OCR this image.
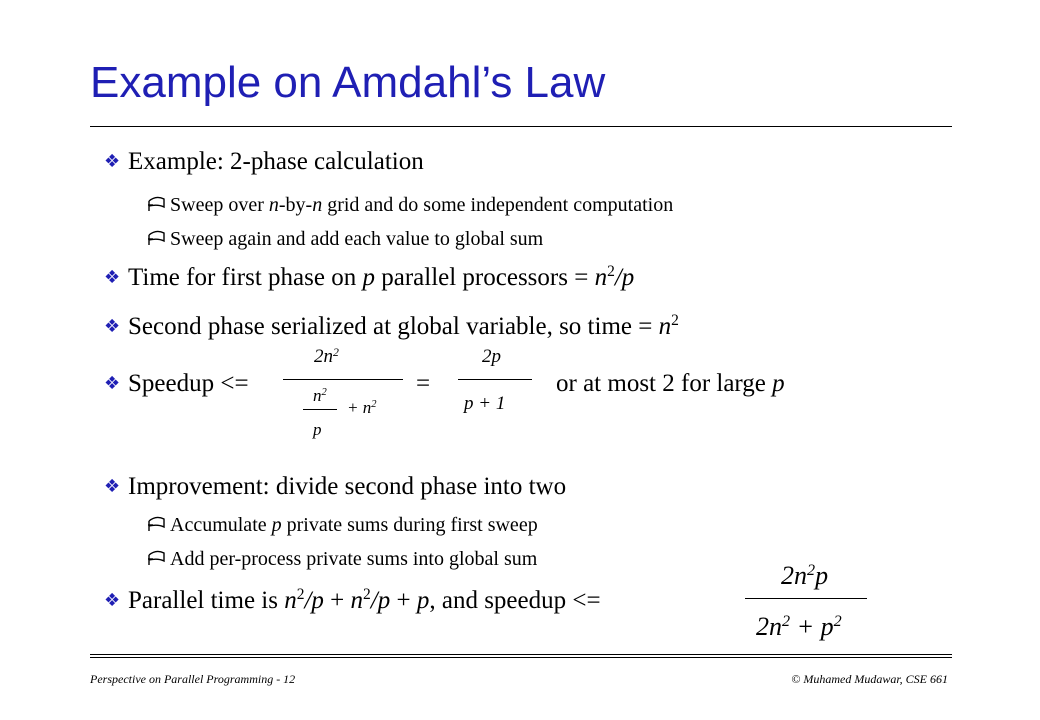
Example on Amdahl’s Law
❖ Example: 2-phase calculation
Sweep over n-by-n grid and do some independent computation
Sweep again and add each value to global sum
❖ Time for first phase on p parallel processors = $n^2/p$
❖ Second phase serialized at global variable, so time = $n^2$
❖ Speedup <=
$2n^2$
$n^2$
p
+ $n^2$
=
2p
p + 1
or at most 2 for large p
❖ Improvement: divide second phase into two
Accumulate p private sums during first sweep
Add per-process private sums into global sum
❖ Parallel time is $n^2/p + n^2/p + p$, and speedup <=
$2n^2p$
$2n^2 + p^2$
Perspective on Parallel Programming - 12	© Muhamed Mudawar, CSE 661
